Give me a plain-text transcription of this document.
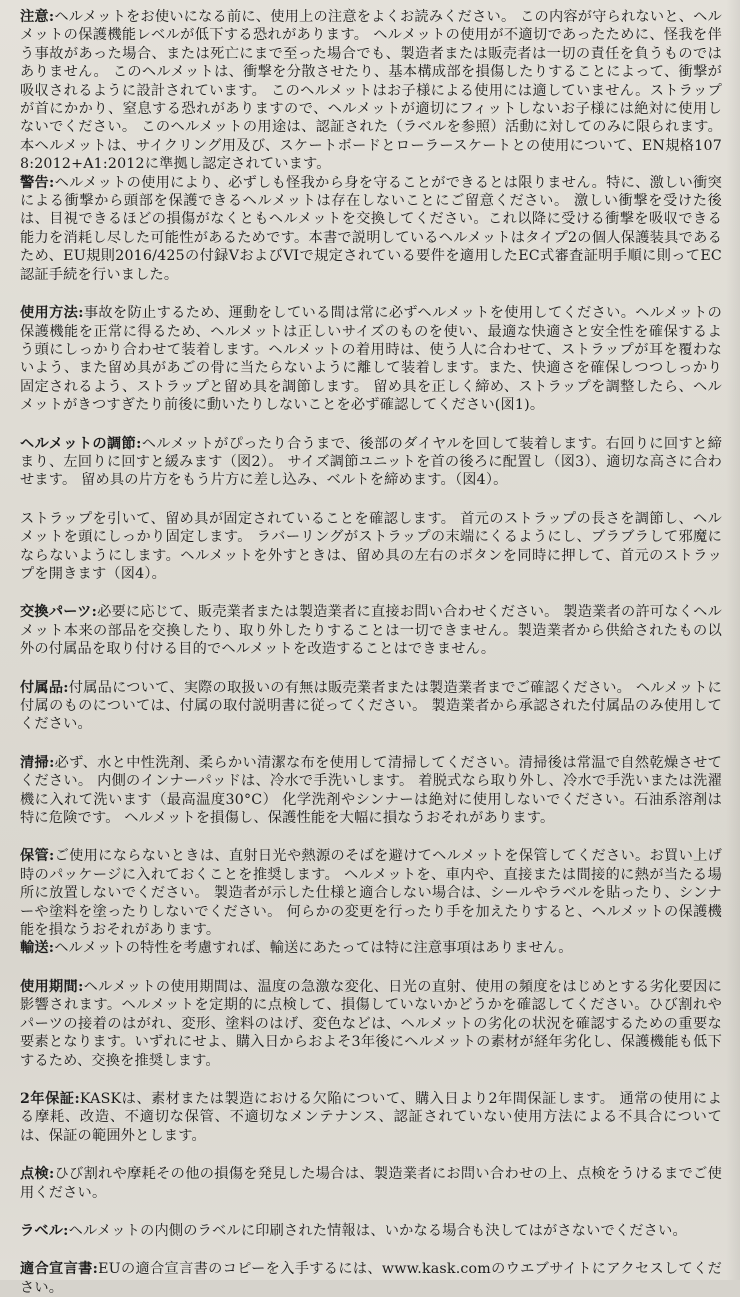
注意:ヘルメットをお使いになる前に、使用上の注意をよくお読みください。 この内容が守られないと、ヘルメットの保護機能レベルが低下する恐れがあります。 ヘルメットの使用が不適切であったために、怪我を伴う事故があった場合、または死亡にまで至った場合でも、製造者または販売者は一切の責任を負うものではありません。 このヘルメットは、衝撃を分散させたり、基本構成部を損傷したりすることによって、衝撃が吸収されるように設計されています。 このヘルメットはお子様による使用には適していません。ストラップが首にかかり、窒息する恐れがありますので、ヘルメットが適切にフィットしないお子様には絶対に使用しないでください。 このヘルメットの用途は、認証された（ラベルを参照）活動に対してのみに限られます。 本ヘルメットは、サイクリング用及び、スケートボードとローラースケートとの使用について、EN規格1078:2012+A1:2012に準拠し認定されています。
警告:ヘルメットの使用により、必ずしも怪我から身を守ることができるとは限りません。特に、激しい衝突による衝撃から頭部を保護できるヘルメットは存在しないことにご留意ください。 激しい衝撃を受けた後は、目視できるほどの損傷がなくともヘルメットを交換してください。これ以降に受ける衝撃を吸収できる能力を消耗し尽した可能性があるためです。本書で説明しているヘルメットはタイプ2の個人保護装具であるため、EU規則2016/425の付録VおよびVIで規定されている要件を適用したEC式審査証明手順に則ってEC認証手続を行いました。
使用方法:事故を防止するため、運動をしている間は常に必ずヘルメットを使用してください。ヘルメットの保護機能を正常に得るため、ヘルメットは正しいサイズのものを使い、最適な快適さと安全性を確保するよう頭にしっかり合わせて装着します。ヘルメットの着用時は、使う人に合わせて、ストラップが耳を覆わないよう、また留め具があごの骨に当たらないように離して装着します。また、快適さを確保しつつしっかり固定されるよう、ストラップと留め具を調節します。 留め具を正しく締め、ストラップを調整したら、ヘルメットがきつすぎたり前後に動いたりしないことを必ず確認してください(図1)。
ヘルメットの調節:ヘルメットがぴったり合うまで、後部のダイヤルを回して装着します。右回りに回すと締まり、左回りに回すと緩みます（図2）。 サイズ調節ユニットを首の後ろに配置し（図3）、適切な高さに合わせます。 留め具の片方をもう片方に差し込み、ベルトを締めます。（図4）。
ストラップを引いて、留め具が固定されていることを確認します。 首元のストラップの長さを調節し、ヘルメットを頭にしっかり固定します。 ラバーリングがストラップの末端にくるようにし、ブラブラして邪魔にならないようにします。ヘルメットを外すときは、留め具の左右のボタンを同時に押して、首元のストラップを開きます（図4）。
交換パーツ:必要に応じて、販売業者または製造業者に直接お問い合わせください。 製造業者の許可なくヘルメット本来の部品を交換したり、取り外したりすることは一切できません。製造業者から供給されたもの以外の付属品を取り付ける目的でヘルメットを改造することはできません。
付属品:付属品について、実際の取扱いの有無は販売業者または製造業者までご確認ください。 ヘルメットに付属のものについては、付属の取付説明書に従ってください。 製造業者から承認された付属品のみ使用してください。
清掃:必ず、水と中性洗剤、柔らかい清潔な布を使用して清掃してください。清掃後は常温で自然乾燥させてください。 内側のインナーパッドは、冷水で手洗いします。 着脱式なら取り外し、冷水で手洗いまたは洗濯機に入れて洗います（最高温度30°C） 化学洗剤やシンナーは絶対に使用しないでください。石油系溶剤は特に危険です。 ヘルメットを損傷し、保護性能を大幅に損なうおそれがあります。
保管:ご使用にならないときは、直射日光や熱源のそばを避けてヘルメットを保管してください。お買い上げ時のパッケージに入れておくことを推奨します。 ヘルメットを、車内や、直接または間接的に熱が当たる場所に放置しないでください。 製造者が示した仕様と適合しない場合は、シールやラベルを貼ったり、シンナーや塗料を塗ったりしないでください。 何らかの変更を行ったり手を加えたりすると、ヘルメットの保護機能を損なうおそれがあります。
輸送:ヘルメットの特性を考慮すれば、輸送にあたっては特に注意事項はありません。
使用期間:ヘルメットの使用期間は、温度の急激な変化、日光の直射、使用の頻度をはじめとする劣化要因に影響されます。ヘルメットを定期的に点検して、損傷していないかどうかを確認してください。ひび割れやパーツの接着のはがれ、変形、塗料のはげ、変色などは、ヘルメットの劣化の状況を確認するための重要な要素となります。いずれにせよ、購入日からおよそ3年後にヘルメットの素材が経年劣化し、保護機能も低下するため、交換を推奨します。
2年保証:KASKは、素材または製造における欠陥について、購入日より2年間保証します。 通常の使用による摩耗、改造、不適切な保管、不適切なメンテナンス、認証されていない使用方法による不具合については、保証の範囲外とします。
点検:ひび割れや摩耗その他の損傷を発見した場合は、製造業者にお問い合わせの上、点検をうけるまでご使用ください。
ラベル:ヘルメットの内側のラベルに印刷された情報は、いかなる場合も決してはがさないでください。
適合宣言書:EUの適合宣言書のコピーを入手するには、www.kask.comのウエブサイトにアクセスしてください。
